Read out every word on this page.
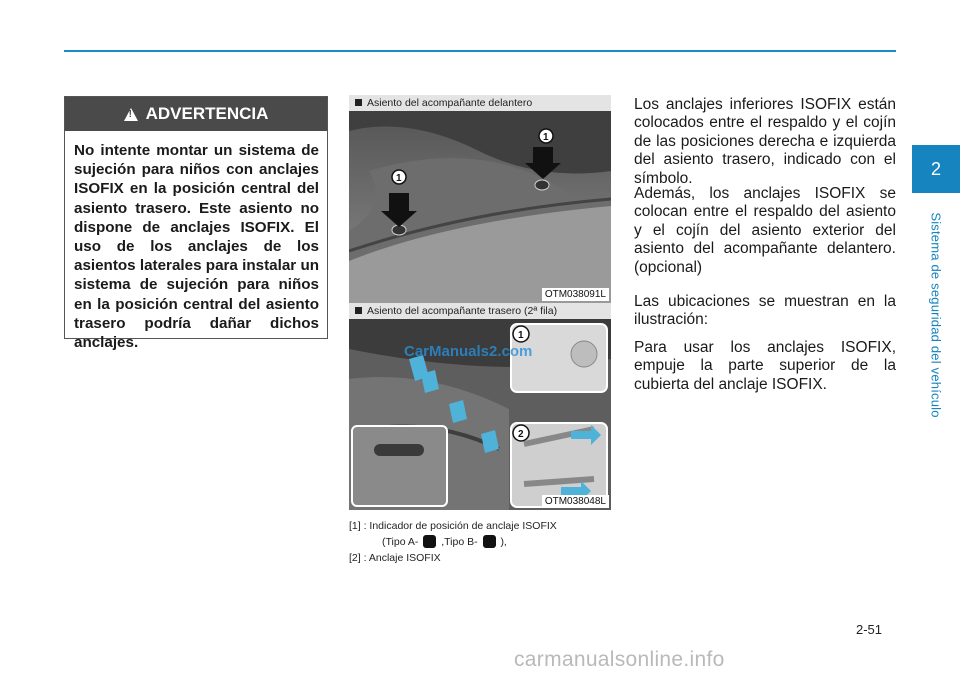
2
Sistema de seguridad del vehículo
!
ADVERTENCIA
No intente montar un sistema de sujeción para niños con anclajes ISOFIX en la posición central del asiento trasero. Este asiento no dispone de anclajes ISOFIX. El uso de los anclajes de los asientos laterales para instalar un sistema de sujeción para niños en la posición central del asiento trasero podría dañar dichos anclajes.
Asiento del acompañante delantero
1
1
OTM038091L
Asiento del acompañante trasero (2ª fila)
1
2
OTM038048L
CarManuals2.com
[1] : Indicador de posición de anclaje ISOFIX
(Tipo A- ,Tipo B- ),
[2] : Anclaje ISOFIX
Los anclajes inferiores ISOFIX están colocados entre el respaldo y el cojín de las posiciones derecha e izquierda del asiento trasero, indicado con el símbolo.
Además, los anclajes ISOFIX se colocan entre el respaldo del asiento y el cojín del asiento exterior del asiento del acompañante delantero. (opcional)
Las ubicaciones se muestran en la ilustración:
Para usar los anclajes ISOFIX, empuje la parte superior de la cubierta del anclaje ISOFIX.
2-51
carmanualsonline.info
